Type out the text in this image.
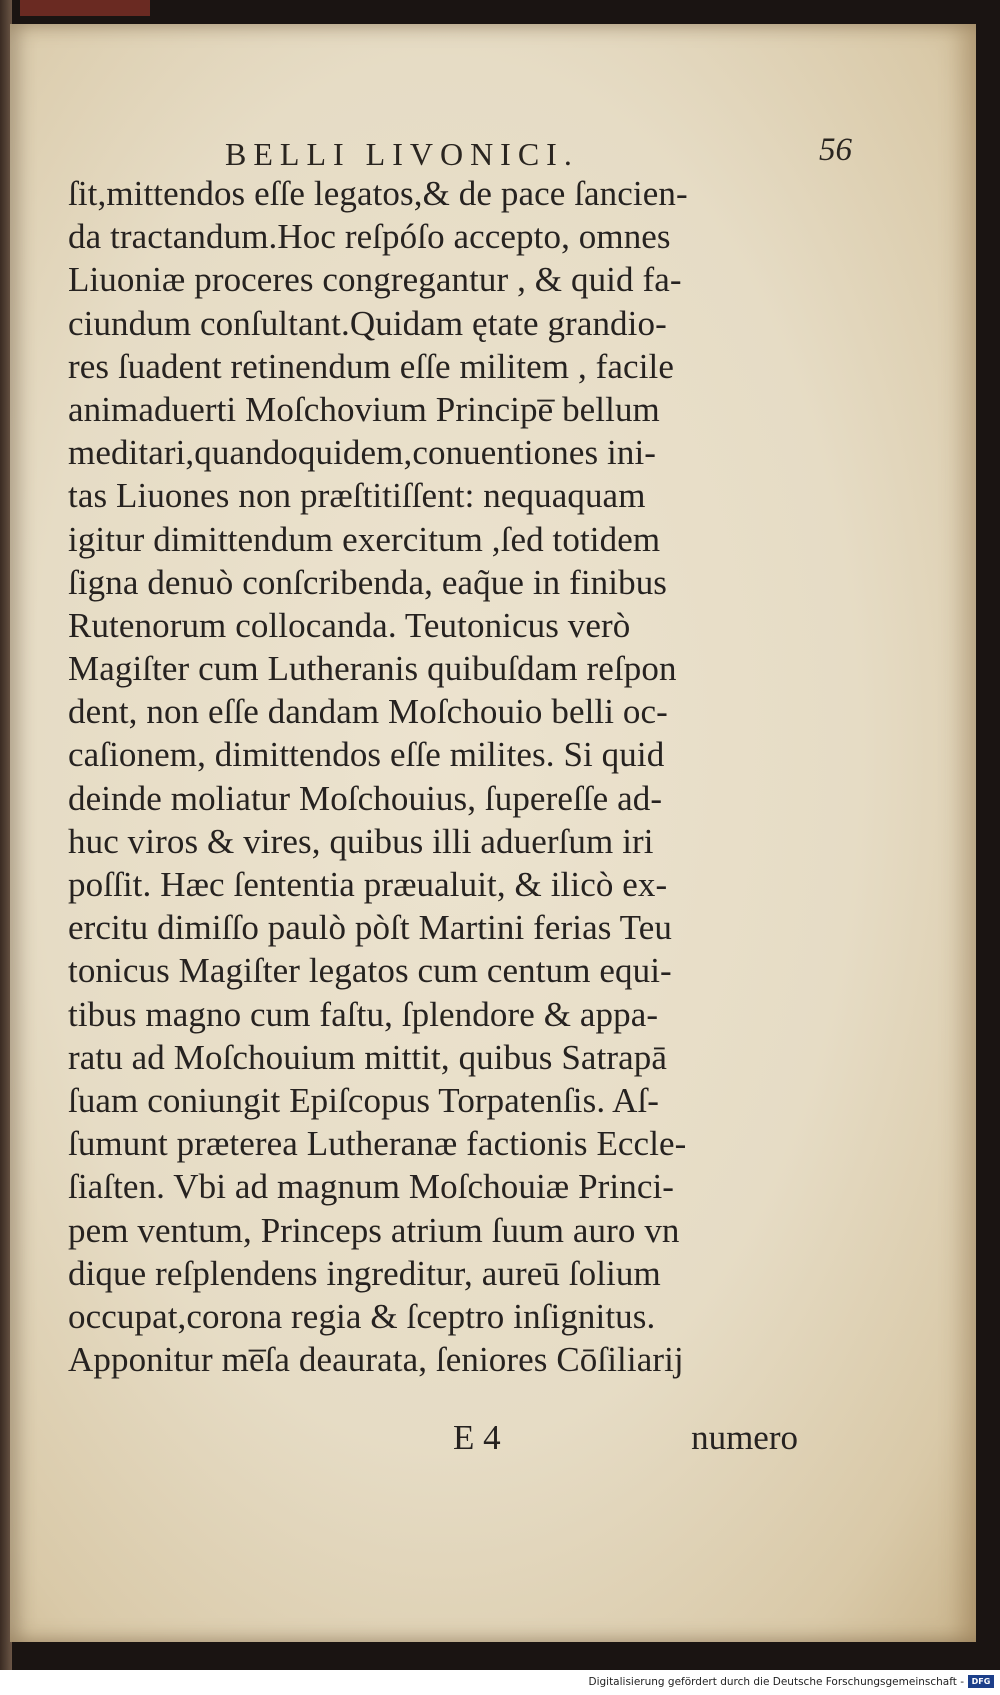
BELLI LIVONICI.	56
ſit,mittendos eſſe legatos,& de pace ſancien-
da tractandum.Hoc reſpóſo accepto, omnes
Liuoniæ proceres congregantur , & quid fa-
ciundum conſultant.Quidam ętate grandio-
res ſuadent retinendum eſſe militem , facile
animaduerti Moſchovium Principe̅ bellum
meditari,quandoquidem,conuentiones ini-
tas Liuones non præſtitiſſent: nequaquam
igitur dimittendum exercitum ,ſed totidem
ſigna denuò conſcribenda, eaq̃ue in finibus
Rutenorum collocanda. Teutonicus verò
Magiſter cum Lutheranis quibuſdam reſpon
dent, non eſſe dandam Moſchouio belli oc-
caſionem, dimittendos eſſe milites. Si quid
deinde moliatur Moſchouius, ſupereſſe ad-
huc viros & vires, quibus illi aduerſum iri
poſſit. Hæc ſententia præualuit, & ilicò ex-
ercitu dimiſſo paulò pòſt Martini ferias Teu
tonicus Magiſter legatos cum centum equi-
tibus magno cum faſtu, ſplendore & appa-
ratu ad Moſchouium mittit, quibus Satrapā
ſuam coniungit Epiſcopus Torpatenſis. Aſ-
ſumunt præterea Lutheranæ factionis Eccle-
ſiaſten. Vbi ad magnum Moſchouiæ Princi-
pem ventum, Princeps atrium ſuum auro vn
dique reſplendens ingreditur, aureū ſolium
occupat,corona regia & ſceptro inſignitus.
Apponitur me̅ſa deaurata, ſeniores Cōſiliarij
E 4	numero
Digitalisierung gefördert durch die Deutsche Forschungsgemeinschaft - DFG
